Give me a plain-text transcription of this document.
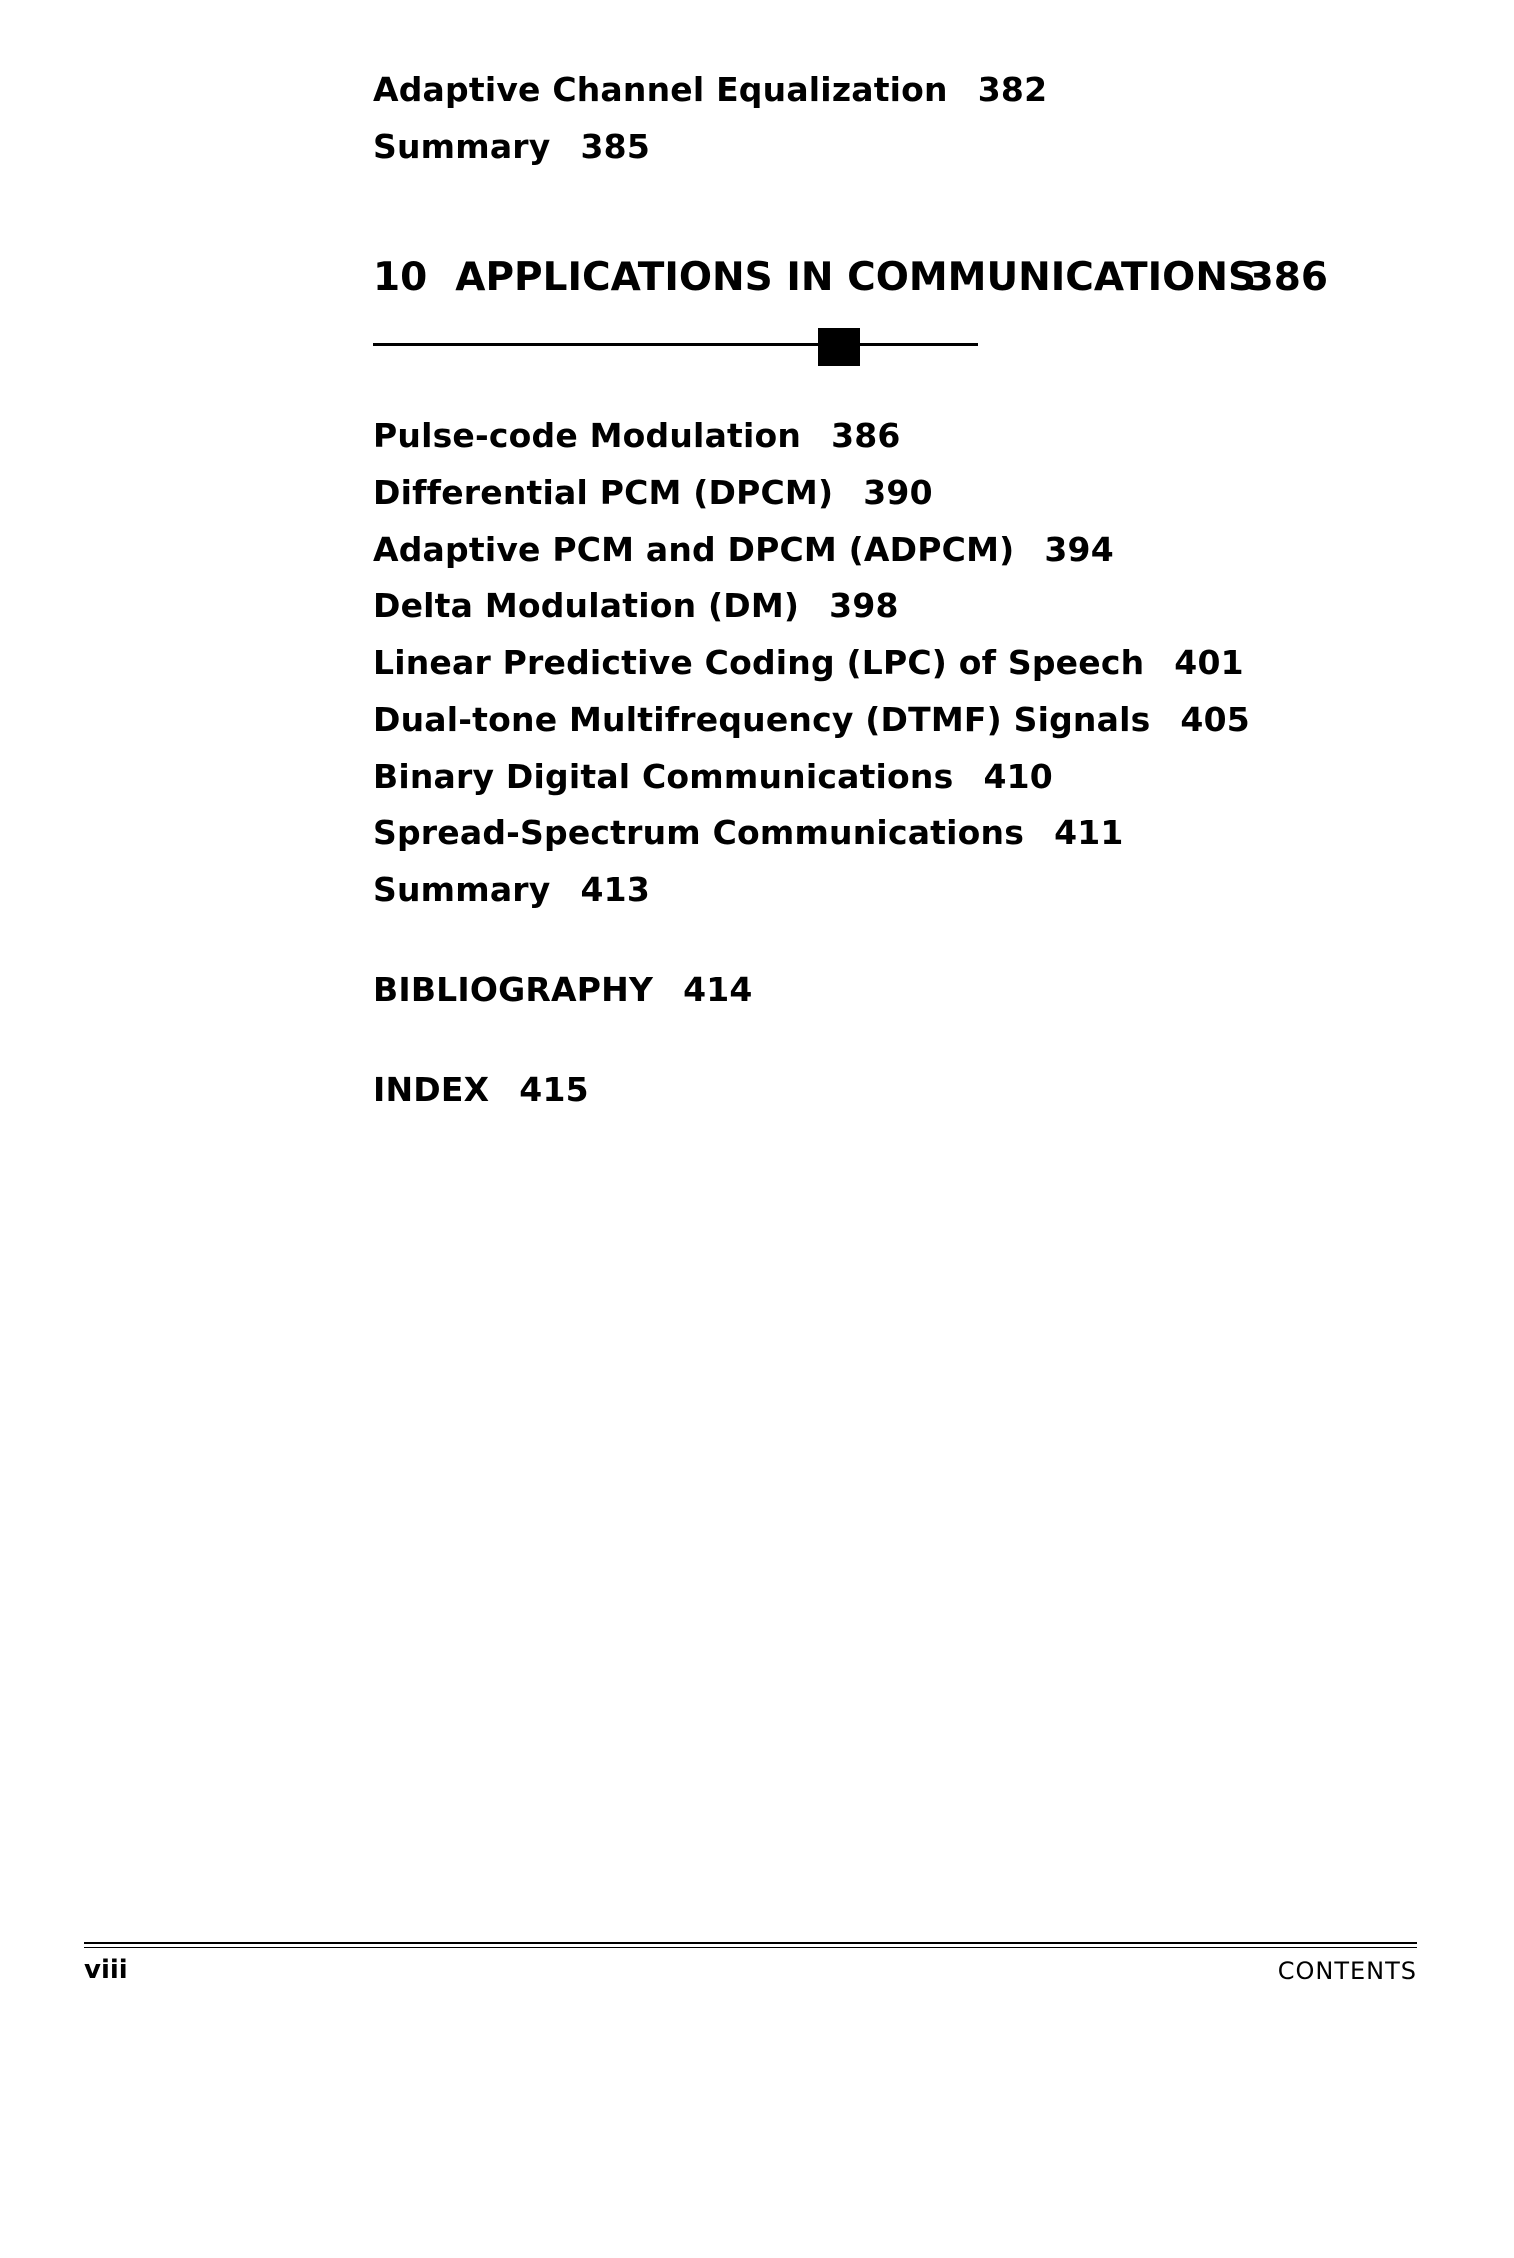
Adaptive Channel Equalization 382
Summary 385
10 APPLICATIONS IN COMMUNICATIONS
386
Pulse-code Modulation 386
Differential PCM (DPCM) 390
Adaptive PCM and DPCM (ADPCM) 394
Delta Modulation (DM) 398
Linear Predictive Coding (LPC) of Speech 401
Dual-tone Multifrequency (DTMF) Signals 405
Binary Digital Communications 410
Spread-Spectrum Communications 411
Summary 413
BIBLIOGRAPHY 414
INDEX 415
viii	CONTENTS
